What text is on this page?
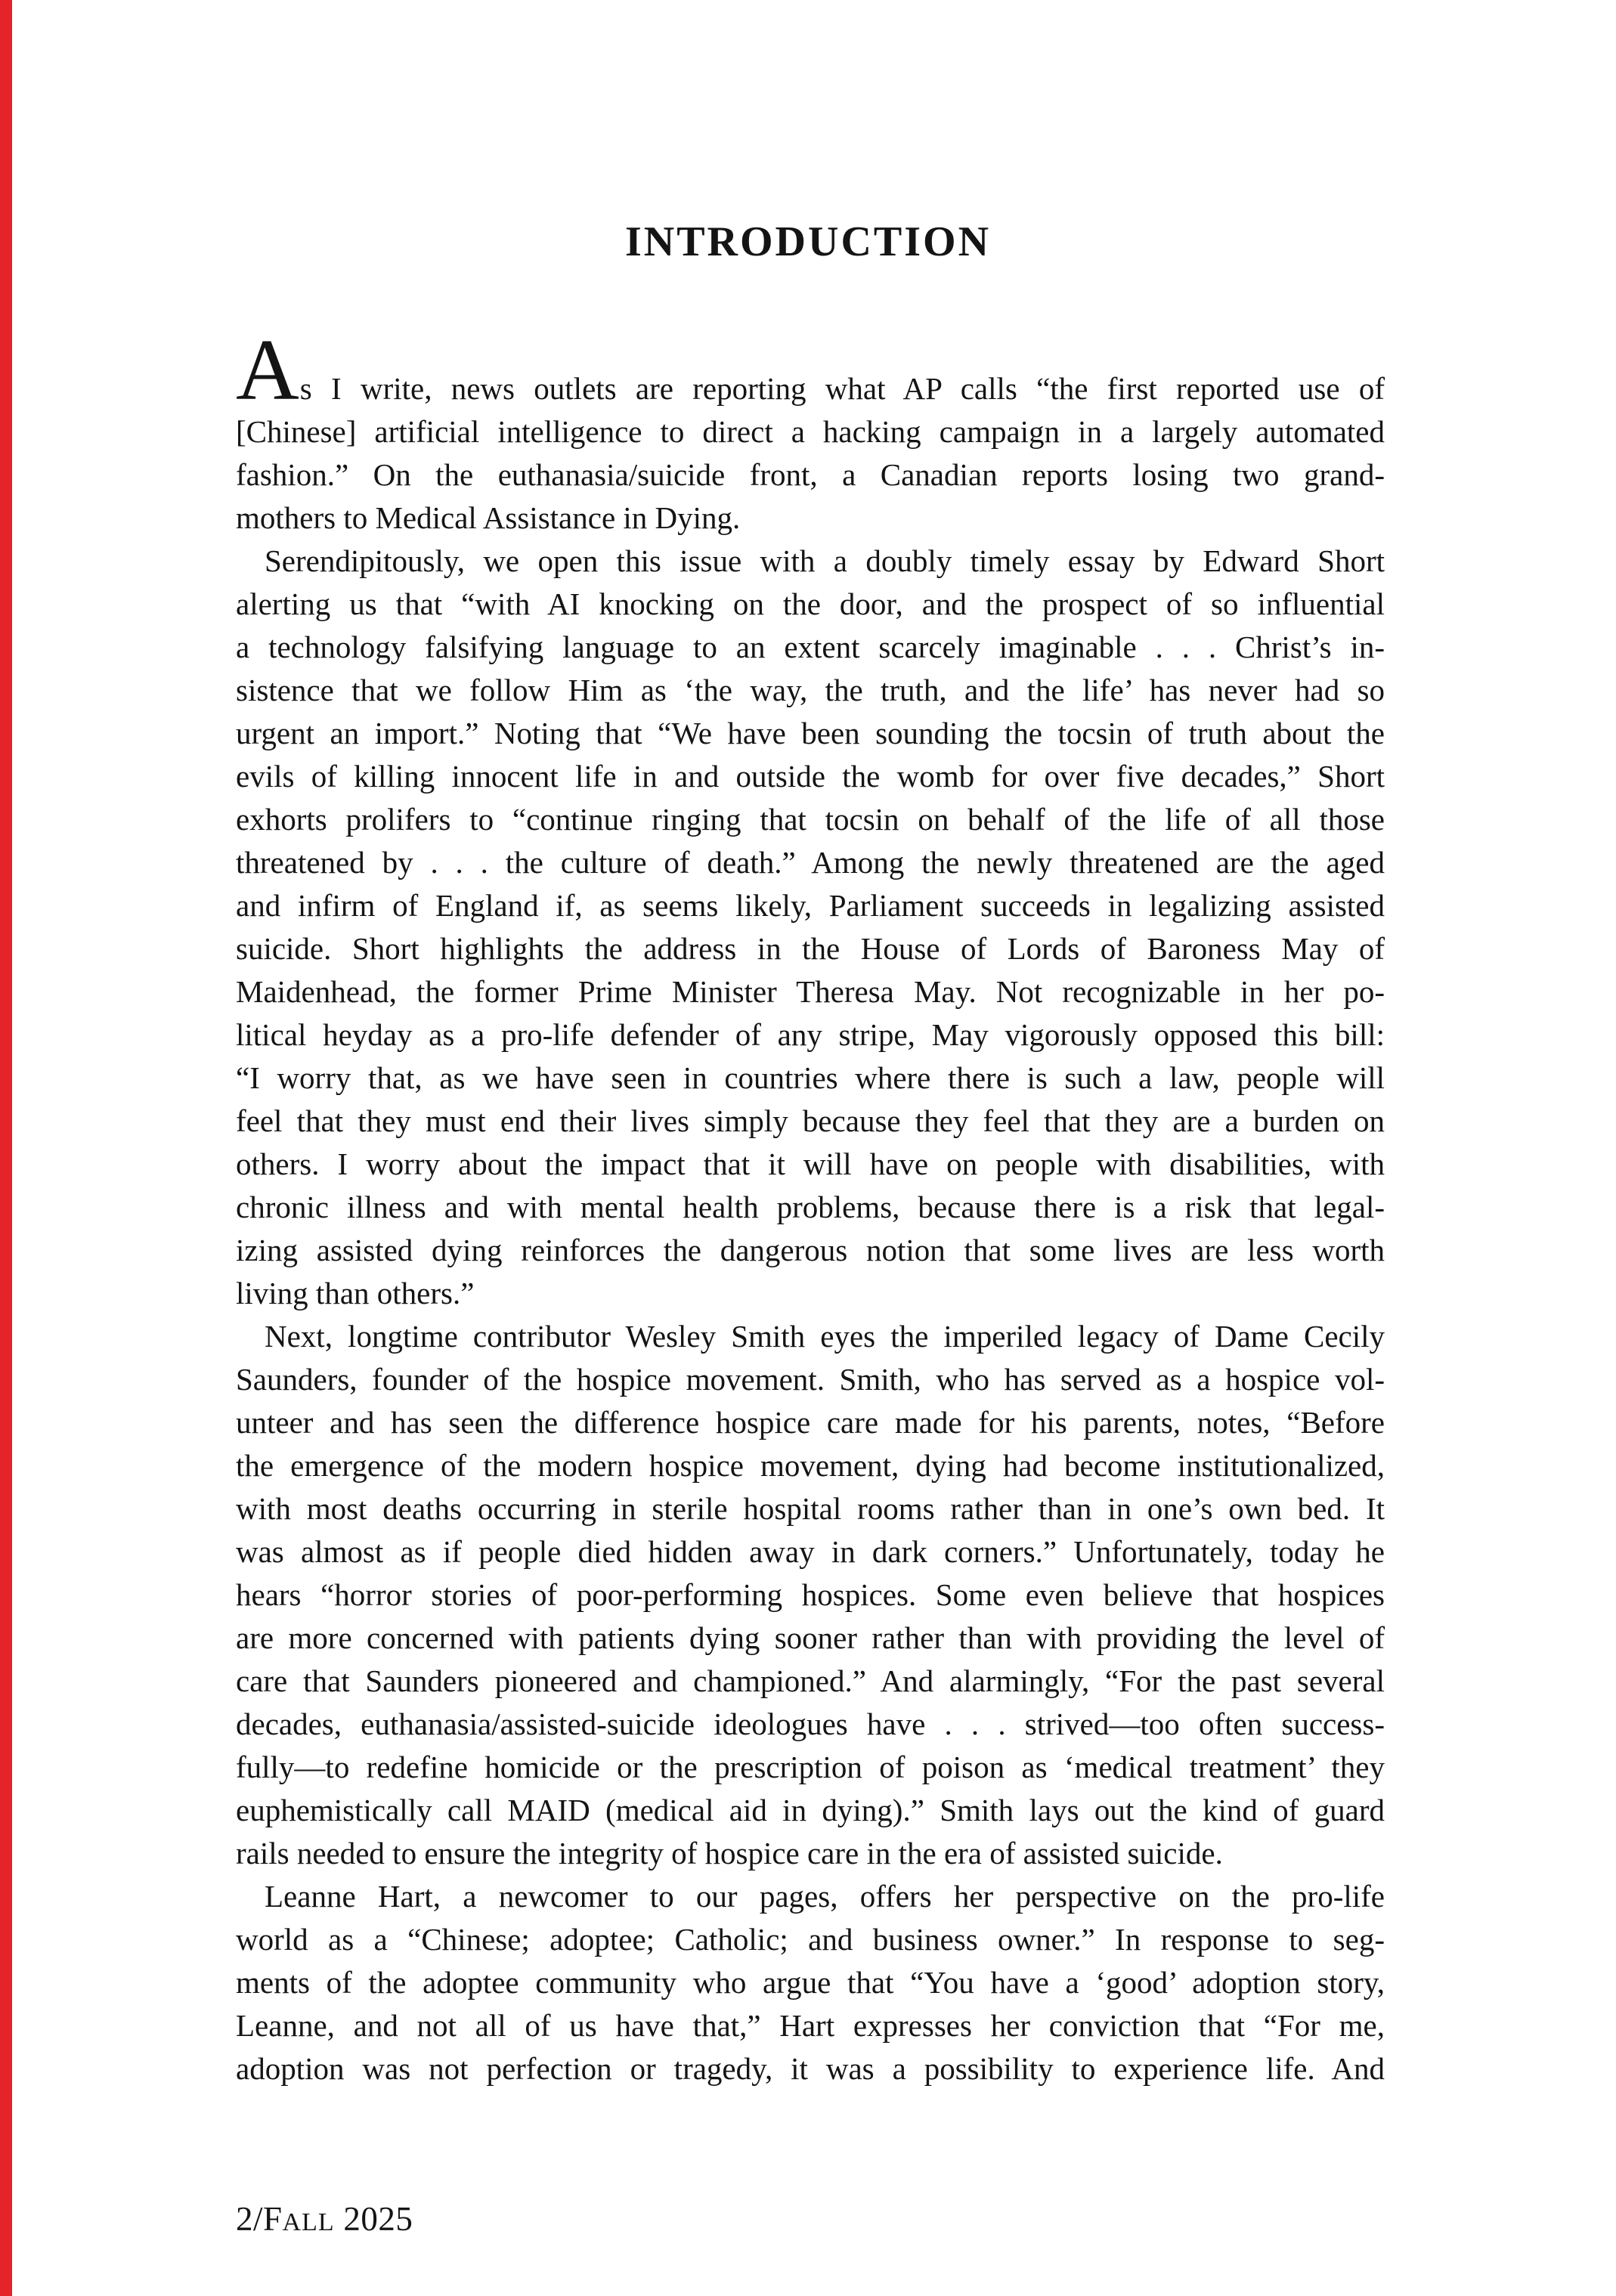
INTRODUCTION
As I write, news outlets are reporting what AP calls “the first reported use of
[Chinese] artificial intelligence to direct a hacking campaign in a largely automated
fashion.” On the euthanasia/suicide front, a Canadian reports losing two grand-
mothers to Medical Assistance in Dying.
Serendipitously, we open this issue with a doubly timely essay by Edward Short
alerting us that “with AI knocking on the door, and the prospect of so influential
a technology falsifying language to an extent scarcely imaginable . . . Christ’s in-
sistence that we follow Him as ‘the way, the truth, and the life’ has never had so
urgent an import.” Noting that “We have been sounding the tocsin of truth about the
evils of killing innocent life in and outside the womb for over five decades,” Short
exhorts prolifers to “continue ringing that tocsin on behalf of the life of all those
threatened by . . . the culture of death.” Among the newly threatened are the aged
and infirm of England if, as seems likely, Parliament succeeds in legalizing assisted
suicide. Short highlights the address in the House of Lords of Baroness May of
Maidenhead, the former Prime Minister Theresa May. Not recognizable in her po-
litical heyday as a pro-life defender of any stripe, May vigorously opposed this bill:
“I worry that, as we have seen in countries where there is such a law, people will
feel that they must end their lives simply because they feel that they are a burden on
others. I worry about the impact that it will have on people with disabilities, with
chronic illness and with mental health problems, because there is a risk that legal-
izing assisted dying reinforces the dangerous notion that some lives are less worth
living than others.”
Next, longtime contributor Wesley Smith eyes the imperiled legacy of Dame Cecily
Saunders, founder of the hospice movement. Smith, who has served as a hospice vol-
unteer and has seen the difference hospice care made for his parents, notes, “Before
the emergence of the modern hospice movement, dying had become institutionalized,
with most deaths occurring in sterile hospital rooms rather than in one’s own bed. It
was almost as if people died hidden away in dark corners.” Unfortunately, today he
hears “horror stories of poor-performing hospices. Some even believe that hospices
are more concerned with patients dying sooner rather than with providing the level of
care that Saunders pioneered and championed.” And alarmingly, “For the past several
decades, euthanasia/assisted-suicide ideologues have . . . strived—too often success-
fully—to redefine homicide or the prescription of poison as ‘medical treatment’ they
euphemistically call MAID (medical aid in dying).” Smith lays out the kind of guard
rails needed to ensure the integrity of hospice care in the era of assisted suicide.
Leanne Hart, a newcomer to our pages, offers her perspective on the pro-life
world as a “Chinese; adoptee; Catholic; and business owner.” In response to seg-
ments of the adoptee community who argue that “You have a ‘good’ adoption story,
Leanne, and not all of us have that,” Hart expresses her conviction that “For me,
adoption was not perfection or tragedy, it was a possibility to experience life. And
2/FALL 2025
